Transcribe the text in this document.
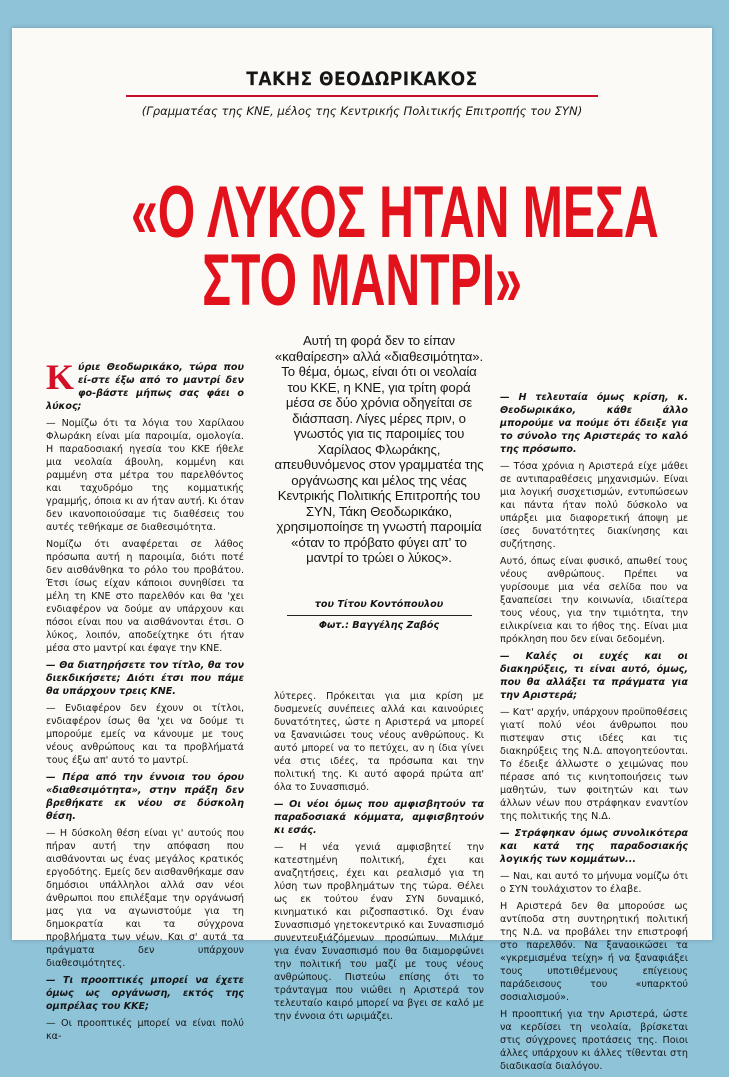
ΤΑΚΗΣ ΘΕΟΔΩΡΙΚΑΚΟΣ
(Γραμματέας της ΚΝΕ, μέλος της Κεντρικής Πολιτικής Επιτροπής του ΣΥΝ)
«Ο ΛΥΚΟΣ ΗΤΑΝ ΜΕΣΑ
ΣΤΟ ΜΑΝΤΡΙ»

Κύριε Θεοδωρικάκο, τώρα που εί-στε έξω από το μαντρί δεν φο-βάστε μήπως σας φάει ο λύκος;

— Νομίζω ότι τα λόγια του Χαρίλαου Φλωράκη είναι μία παροιμία, ομολογία. Η παραδοσιακή ηγεσία του ΚΚΕ ήθελε μια νεολαία άβουλη, κομμένη και ραμμένη στα μέτρα του παρελθόντος και ταχυδρόμο της κομματικής γραμμής, όποια κι αν ήταν αυτή. Κι όταν δεν ικανοποιούσαμε τις διαθέσεις του αυτές τεθήκαμε σε διαθεσιμότητα.

Νομίζω ότι αναφέρεται σε λάθος πρόσωπα αυτή η παροιμία, διότι ποτέ δεν αισθάνθηκα το ρόλο του προβάτου. Έτσι ίσως είχαν κάποιοι συνηθίσει τα μέλη τη ΚΝΕ στο παρελθόν και θα 'χει ενδιαφέρον να δούμε αν υπάρχουν και πόσοι είναι που να αισθάνονται έτσι. Ο λύκος, λοιπόν, αποδείχτηκε ότι ήταν μέσα στο μαντρί και έφαγε την ΚΝΕ.

— Θα διατηρήσετε τον τίτλο, θα τον διεκδικήσετε; Διότι έτσι που πάμε θα υπάρχουν τρεις ΚΝΕ.

— Ενδιαφέρον δεν έχουν οι τίτλοι, ενδιαφέρον ίσως θα 'χει να δούμε τι μπορούμε εμείς να κάνουμε με τους νέους ανθρώπους και τα προβλήματά τους έξω απ' αυτό το μαντρί.

— Πέρα από την έννοια του όρου «διαθεσιμότητα», στην πράξη δεν βρεθήκατε εκ νέου σε δύσκολη θέση.

— Η δύσκολη θέση είναι γι' αυτούς που πήραν αυτή την απόφαση που αισθάνονται ως ένας μεγάλος κρατικός εργοδότης. Εμείς δεν αισθανθήκαμε σαν δημόσιοι υπάλληλοι αλλά σαν νέοι άνθρωποι που επιλέξαμε την οργάνωσή μας για να αγωνιστούμε για τη δημοκρατία και τα σύγχρονα προβλήματα των νέων. Και σ' αυτά τα πράγματα δεν υπάρχουν διαθεσιμότητες.

— Τι προοπτικές μπορεί να έχετε όμως ως οργάνωση, εκτός της ομπρέλας του ΚΚΕ;

— Οι προοπτικές μπορεί να είναι πολύ κα-

Αυτή τη φορά δεν το είπαν «καθαίρεση» αλλά «διαθεσιμότητα». Το θέμα, όμως, είναι ότι οι νεολαία του ΚΚΕ, η ΚΝΕ, για τρίτη φορά μέσα σε δύο χρόνια οδηγείται σε διάσπαση. Λίγες μέρες πριν, ο γνωστός για τις παροιμίες του Χαρίλαος Φλωράκης, απευθυνόμενος στον γραμματέα της οργάνωσης και μέλος της νέας Κεντρικής Πολιτικής Επιτροπής του ΣΥΝ, Τάκη Θεοδωρικάκο, χρησιμοποίησε τη γνωστή παροιμία «όταν το πρόβατο φύγει απ' το μαντρί το τρώει ο λύκος».
του Τίτου Κοντόπουλου
Φωτ.: Βαγγέλης Ζαβός

λύτερες. Πρόκειται για μια κρίση με δυσμενείς συνέπειες αλλά και καινούριες δυνατότητες, ώστε η Αριστερά να μπορεί να ξανανιώσει τους νέους ανθρώπους. Κι αυτό μπορεί να το πετύχει, αν η ίδια γίνει νέα στις ιδέες, τα πρόσωπα και την πολιτική της. Κι αυτό αφορά πρώτα απ' όλα το Συνασπισμό.

— Οι νέοι όμως που αμφισβητούν τα παραδοσιακά κόμματα, αμφισβητούν κι εσάς.

— Η νέα γενιά αμφισβητεί την κατεστημένη πολιτική, έχει και αναζητήσεις, έχει και ρεαλισμό για τη λύση των προβλημάτων της τώρα. Θέλει ως εκ τούτου έναν ΣΥΝ δυναμικό, κινηματικό και ριζοσπαστικό. Όχι έναν Συνασπισμό γηετοκεντρικό και Συνασπισμό συνεντευξιάζόμενων προσώπων. Μιλάμε για έναν Συνασπισμό που θα διαμορφώνει την πολιτική του μαζί με τους νέους ανθρώπους. Πιστεύω επίσης ότι το τράνταγμα που νιώθει η Αριστερά τον τελευταίο καιρό μπορεί να βγει σε καλό με την έννοια ότι ωριμάζει.

— Η τελευταία όμως κρίση, κ. Θεοδωρικάκο, κάθε άλλο μπορούμε να πούμε ότι έδειξε για το σύνολο της Αριστεράς το καλό της πρόσωπο.

— Τόσα χρόνια η Αριστερά είχε μάθει σε αντιπαραθέσεις μηχανισμών. Είναι μια λογική συσχετισμών, εντυπώσεων και πάντα ήταν πολύ δύσκολο να υπάρξει μια διαφορετική άποψη με ίσες δυνατότητες διακίνησης και συζήτησης.

Αυτό, όπως είναι φυσικό, απωθεί τους νέους ανθρώπους. Πρέπει να γυρίσουμε μια νέα σελίδα που να ξαναπείσει την κοινωνία, ιδιαίτερα τους νέους, για την τιμιότητα, την ειλικρίνεια και το ήθος της. Είναι μια πρόκληση που δεν είναι δεδομένη.

— Καλές οι ευχές και οι διακηρύξεις, τι είναι αυτό, όμως, που θα αλλάξει τα πράγματα για την Αριστερά;

— Κατ' αρχήν, υπάρχουν προϋποθέσεις γιατί πολύ νέοι άνθρωποι που πιστεψαν στις ιδέες και τις διακηρύξεις της Ν.Δ. απογοητεύονται. Το έδειξε άλλωστε ο χειμώνας που πέρασε από τις κινητοποιήσεις των μαθητών, των φοιτητών και των άλλων νέων που στράφηκαν εναντίον της πολιτικής της Ν.Δ.

— Στράφηκαν όμως συνολικότερα και κατά της παραδοσιακής λογικής των κομμάτων...

— Ναι, και αυτό το μήνυμα νομίζω ότι ο ΣΥΝ τουλάχιστον το έλαβε.

Η Αριστερά δεν θα μπορούσε ως αντίποδα στη συντηρητική πολιτική της Ν.Δ. να προβάλει την επιστροφή στο παρελθόν. Να ξαναοικώσει τα «γκρεμισμένα τείχη» ή να ξαναφιάξει τους υποτιθέμενους επίγειους παράδεισους του «υπαρκτού σοσιαλισμού».

Η προοπτική για την Αριστερά, ώστε να κερδίσει τη νεολαία, βρίσκεται στις σύγχρονες προτάσεις της. Ποιοι άλλες υπάρχουν κι άλλες τίθενται στη διαδικασία διαλόγου.
